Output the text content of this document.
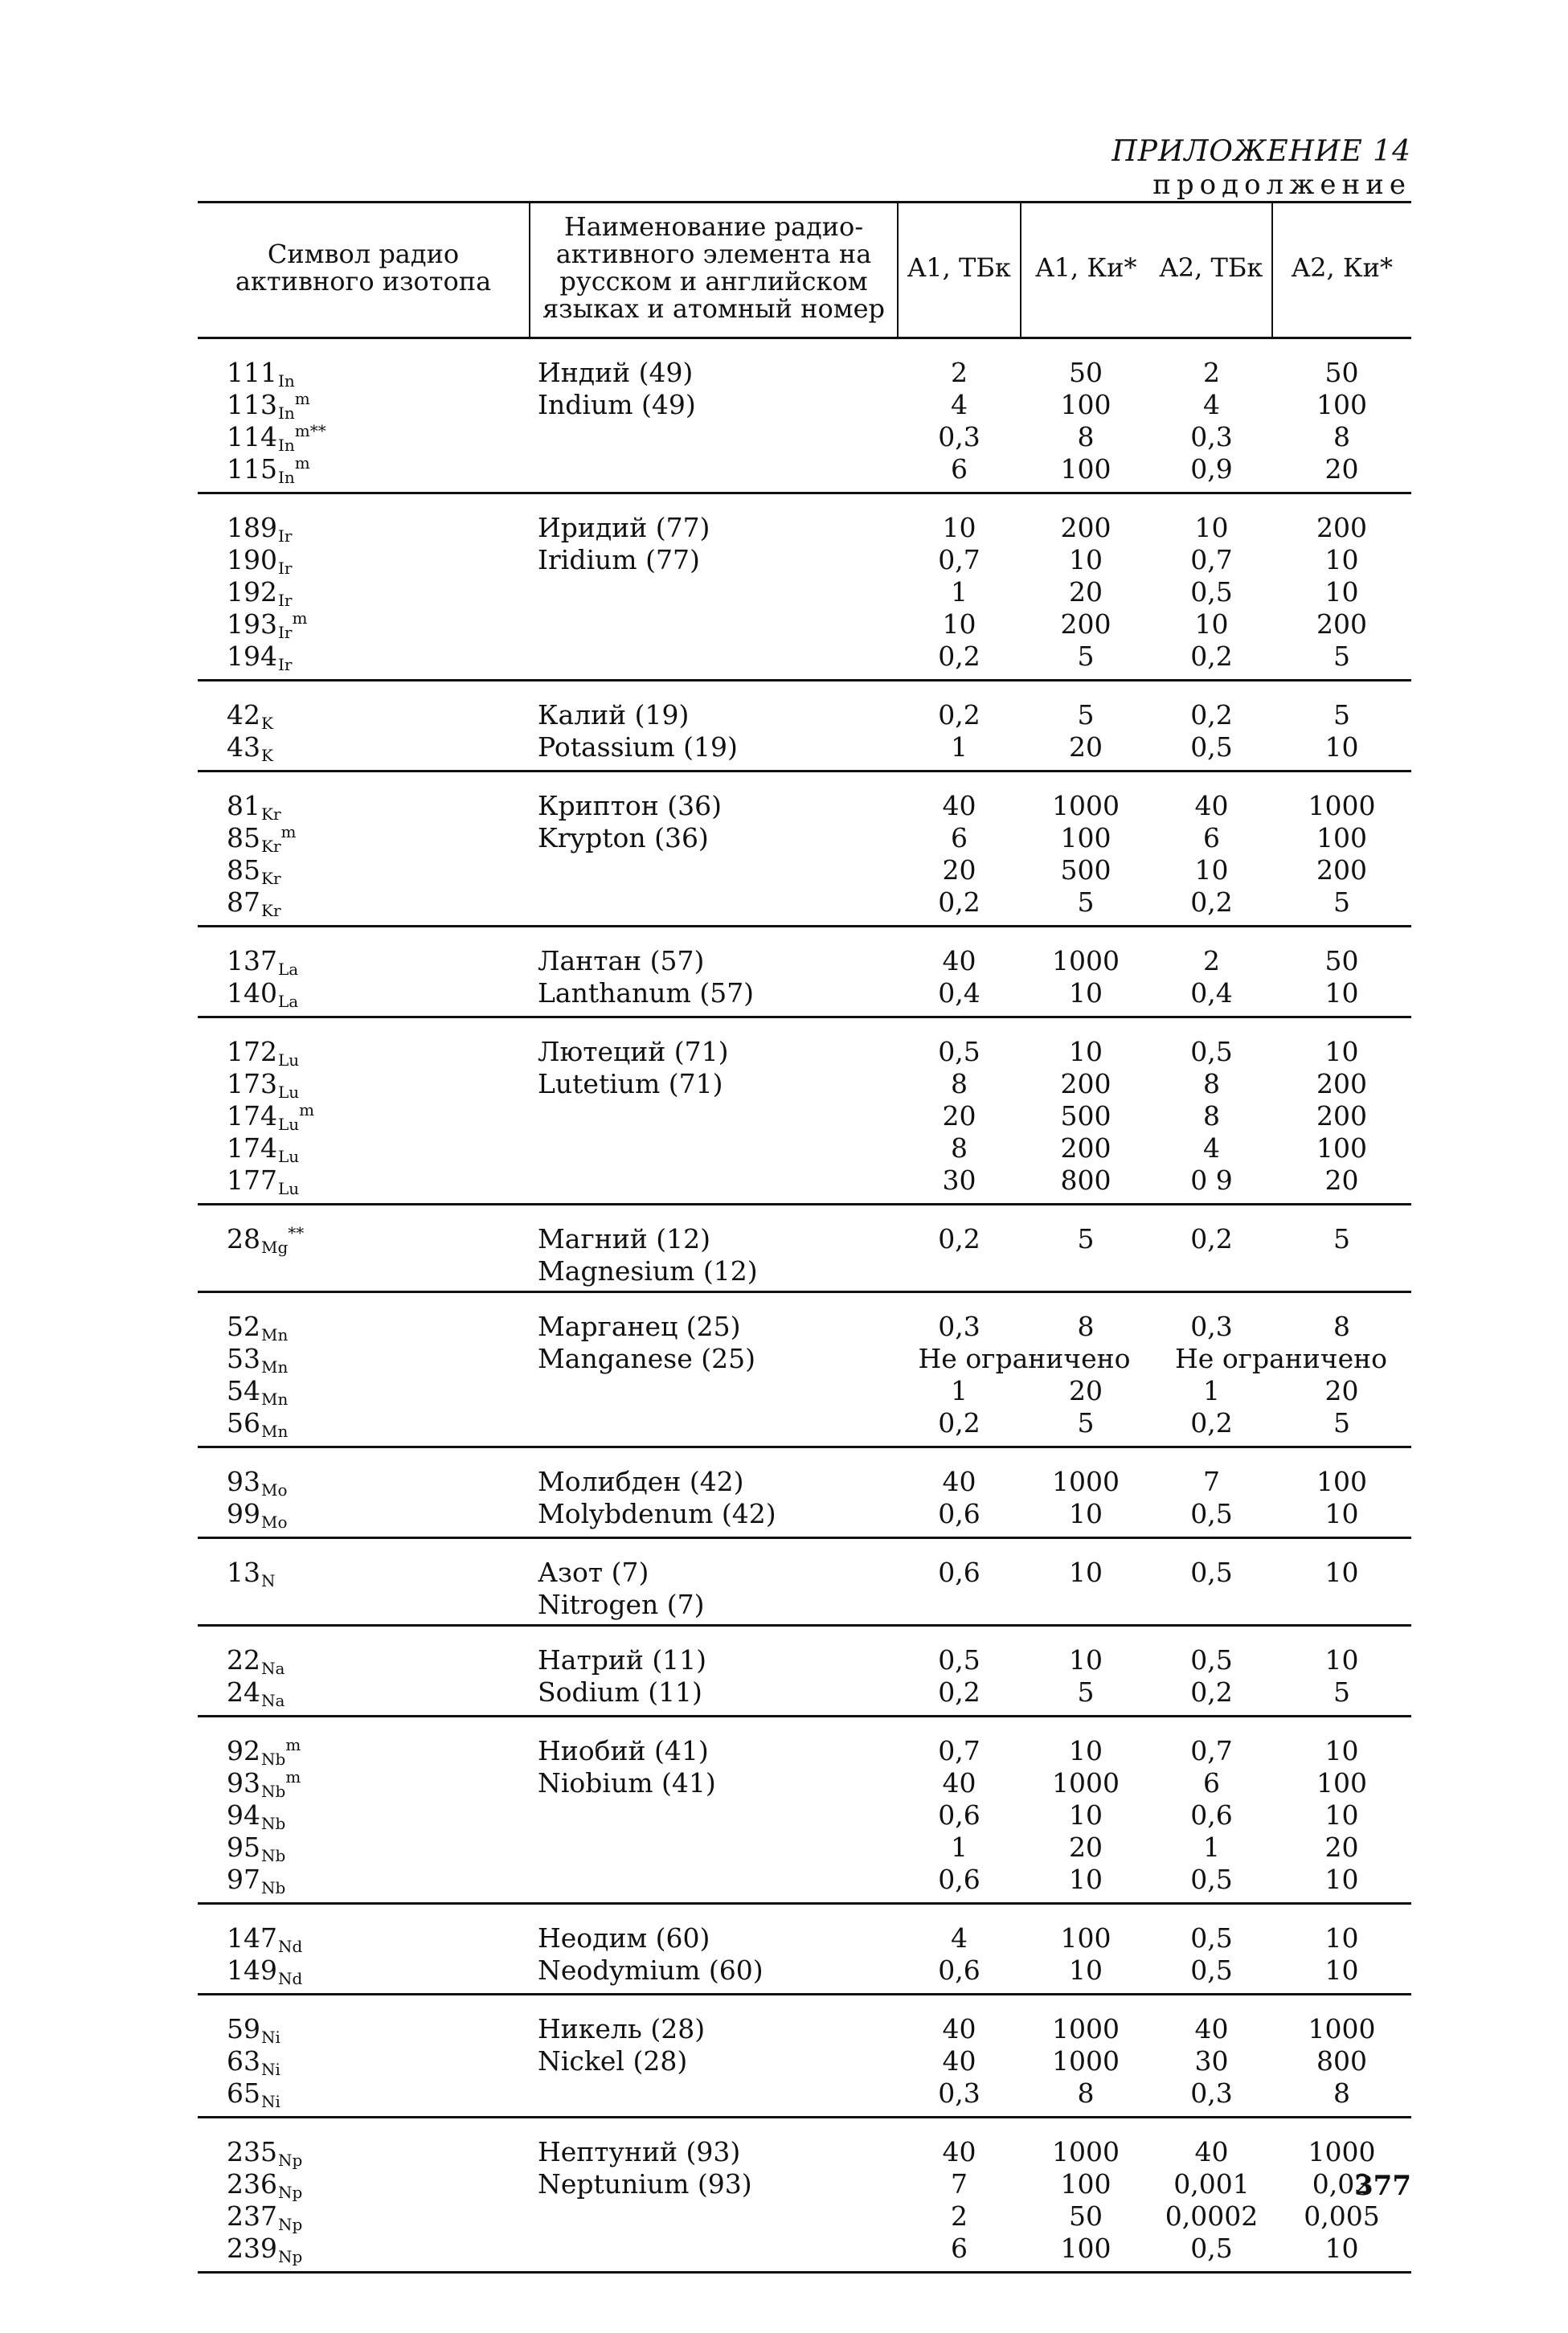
ПРИЛОЖЕНИЕ 14
продолжение
Символ радио активного изотопа	Наименование радио-активного элемента на русском и английском языках и атомный номер	A1, ТБк	A1, Ки*	A2, ТБк	A2, Ки*
111In	Индий (49)	2	50	2	50
113In$^m$	Indium (49)	4	100	4	100
$114In^{m**}$		0,3	8	0,3	8
115In$^m$		6	100	0,9	20
189Ir	Иридий (77)	10	200	10	200
190Ir	Iridium (77)	0,7	10	0,7	10
192Ir		1	20	0,5	10
193Ir$^m$		10	200	10	200
194Ir		0,2	5	0,2	5
42K	Калий (19)	0,2	5	0,2	5
43K	Potassium (19)	1	20	0,5	10
81Kr	Криптон (36)	40	1000	40	1000
85Kr$^m$	Krypton (36)	6	100	6	100
85Kr		20	500	10	200
87Kr		0,2	5	0,2	5
137La	Лантан (57)	40	1000	2	50
140La	Lanthanum (57)	0,4	10	0,4	10
172Lu	Лютеций (71)	0,5	10	0,5	10
173Lu	Lutetium (71)	8	200	8	200
174Lu$^m$		20	500	8	200
174Lu		8	200	4	100
177Lu		30	800	0 9	20
28Mg**	Магний (12)	0,2	5	0,2	5
	Magnesium (12)				
52Mn	Марганец (25)	0,3	8	0,3	8
53Mn	Manganese (25)	Не ограничено		Не ограничено	
54Mn		1	20	1	20
56Mn		0,2	5	0,2	5
93Mo	Молибден (42)	40	1000	7	100
99Mo	Molybdenum (42)	0,6	10	0,5	10
13N	Азот (7)	0,6	10	0,5	10
	Nitrogen (7)				
22Na	Натрий (11)	0,5	10	0,5	10
24Na	Sodium (11)	0,2	5	0,2	5
92Nb$^m$	Ниобий (41)	0,7	10	0,7	10
93Nb$^m$	Niobium (41)	40	1000	6	100
94Nb		0,6	10	0,6	10
95Nb		1	20	1	20
97Nb		0,6	10	0,5	10
147Nd	Неодим (60)	4	100	0,5	10
149Nd	Neodymium (60)	0,6	10	0,5	10
59Ni	Никель (28)	40	1000	40	1000
63Ni	Nickel (28)	40	1000	30	800
65Ni		0,3	8	0,3	8
235Np	Нептуний (93)	40	1000	40	1000
236Np	Neptunium (93)	7	100	0,001	0,02
237Np		2	50	0,0002	0,005
239Np		6	100	0,5	10
377
